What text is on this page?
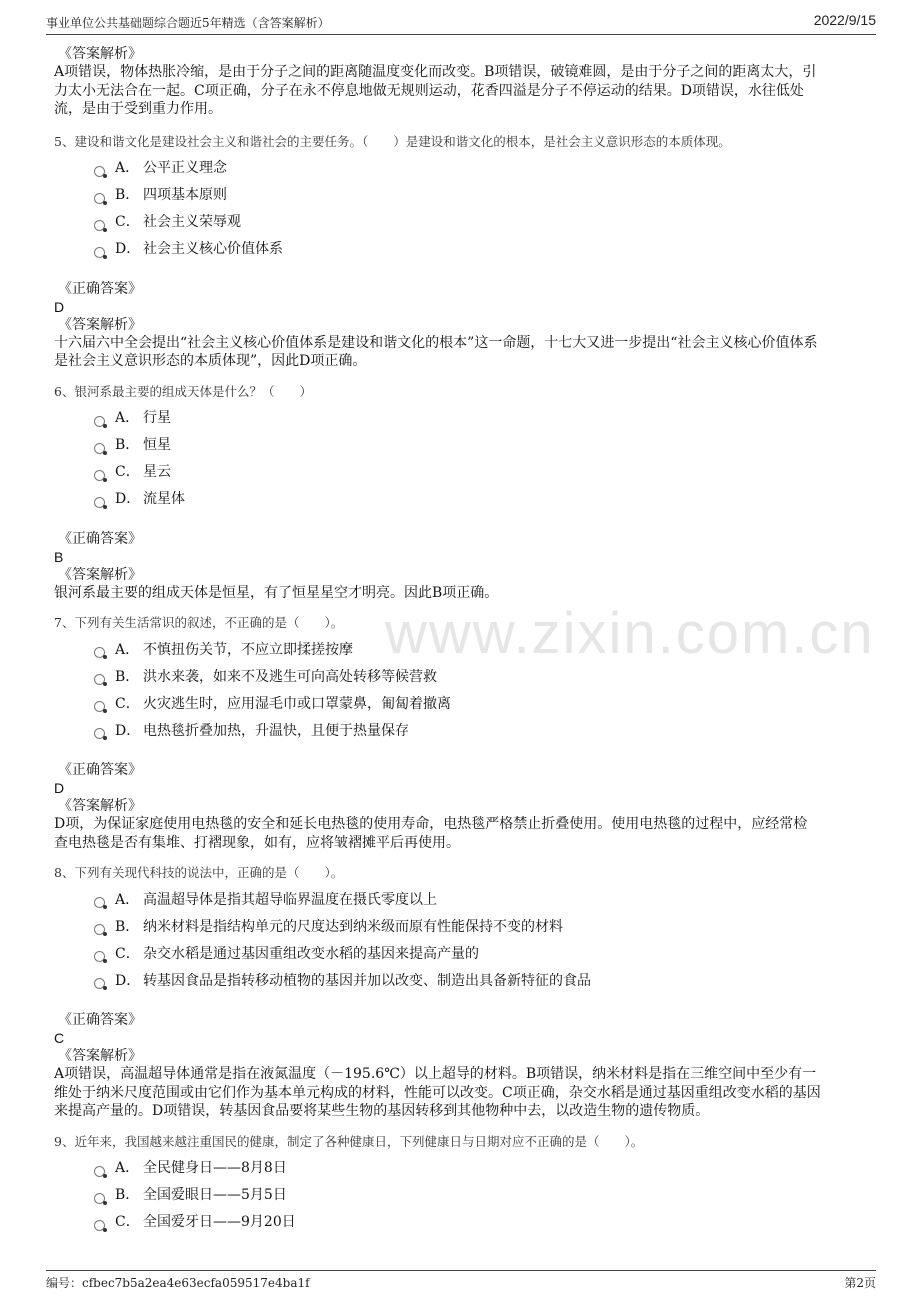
事业单位公共基础题综合题近5年精选（含答案解析）	2022/9/15
www.zixin.com.cn
《答案解析》
A项错误，物体热胀冷缩，是由于分子之间的距离随温度变化而改变。B项错误，破镜难圆，是由于分子之间的距离太大，引
力太小无法合在一起。C项正确，分子在永不停息地做无规则运动，花香四溢是分子不停运动的结果。D项错误，水往低处
流，是由于受到重力作用。
5、建设和谐文化是建设社会主义和谐社会的主要任务。（　　）是建设和谐文化的根本，是社会主义意识形态的本质体现。
A． 公平正义理念
B． 四项基本原则
C． 社会主义荣辱观
D． 社会主义核心价值体系
《正确答案》
D
《答案解析》
十六届六中全会提出“社会主义核心价值体系是建设和谐文化的根本”这一命题，十七大又进一步提出“社会主义核心价值体系
是社会主义意识形态的本质体现”，因此D项正确。
6、银河系最主要的组成天体是什么？（　　）
A． 行星
B． 恒星
C． 星云
D． 流星体
《正确答案》
B
《答案解析》
银河系最主要的组成天体是恒星，有了恒星星空才明亮。因此B项正确。
7、下列有关生活常识的叙述，不正确的是（　　）。
A． 不慎扭伤关节，不应立即揉搓按摩
B． 洪水来袭，如来不及逃生可向高处转移等候营救
C． 火灾逃生时，应用湿毛巾或口罩蒙鼻，匍匐着撤离
D． 电热毯折叠加热，升温快，且便于热量保存
《正确答案》
D
《答案解析》
D项，为保证家庭使用电热毯的安全和延长电热毯的使用寿命，电热毯严格禁止折叠使用。使用电热毯的过程中，应经常检
查电热毯是否有集堆、打褶现象，如有，应将皱褶摊平后再使用。
8、下列有关现代科技的说法中，正确的是（　　）。
A． 高温超导体是指其超导临界温度在摄氏零度以上
B． 纳米材料是指结构单元的尺度达到纳米级而原有性能保持不变的材料
C． 杂交水稻是通过基因重组改变水稻的基因来提高产量的
D． 转基因食品是指转移动植物的基因并加以改变、制造出具备新特征的食品
《正确答案》
C
《答案解析》
A项错误，高温超导体通常是指在液氮温度（－195.6℃）以上超导的材料。B项错误，纳米材料是指在三维空间中至少有一
维处于纳米尺度范围或由它们作为基本单元构成的材料，性能可以改变。C项正确，杂交水稻是通过基因重组改变水稻的基因
来提高产量的。D项错误，转基因食品要将某些生物的基因转移到其他物种中去，以改造生物的遗传物质。
9、近年来，我国越来越注重国民的健康，制定了各种健康日，下列健康日与日期对应不正确的是（　　）。
A． 全民健身日——8月8日
B． 全国爱眼日——5月5日
C． 全国爱牙日——9月20日
编号：cfbec7b5a2ea4e63ecfa059517e4ba1f	第2页
